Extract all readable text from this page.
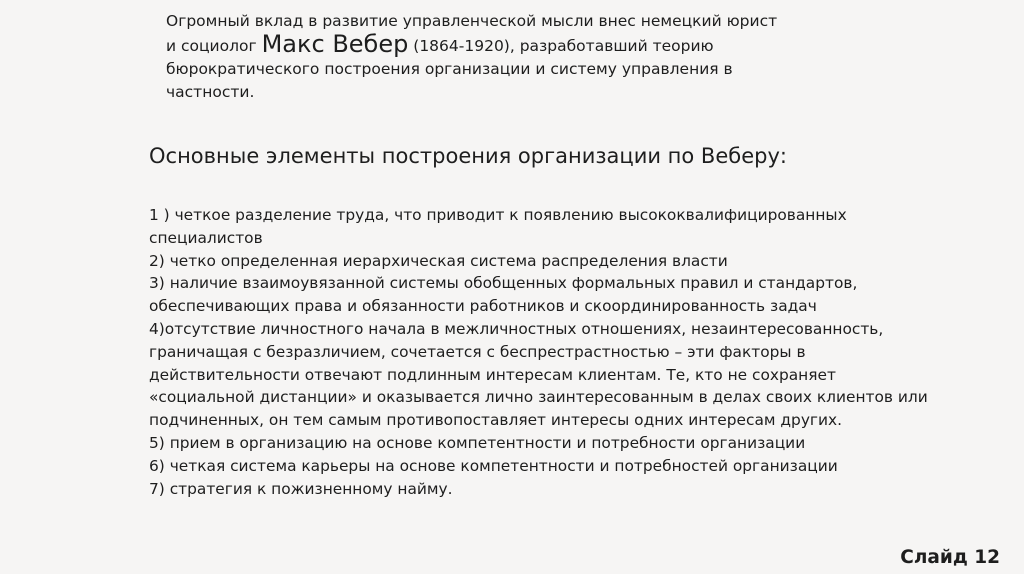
Огромный вклад в развитие управленческой мысли внес немецкий юрист
и социолог Макс Вебер (1864-1920), разработавший теорию
бюрократического построения организации и систему управления в
частности.
Основные элементы построения организации по Веберу:

1 ) четкое разделение труда, что приводит к появлению высококвалифицированных специалистов

2) четко определенная иерархическая система распределения власти

3) наличие взаимоувязанной системы обобщенных формальных правил и стандартов, обеспечивающих права и обязанности работников и скоординированность задач

4)отсутствие личностного начала в межличностных отношениях, незаинтересованность, граничащая с безразличием, сочетается с беспрестрастностью – эти факторы в действительности отвечают подлинным интересам клиентам. Те, кто не сохраняет «социальной дистанции» и оказывается лично заинтересованным в делах своих клиентов или подчиненных, он тем самым противопоставляет интересы одних интересам других.

5) прием в организацию на основе компетентности и потребности организации

6) четкая система карьеры на основе компетентности и потребностей организации

7) стратегия к пожизненному найму.

Слайд 12
